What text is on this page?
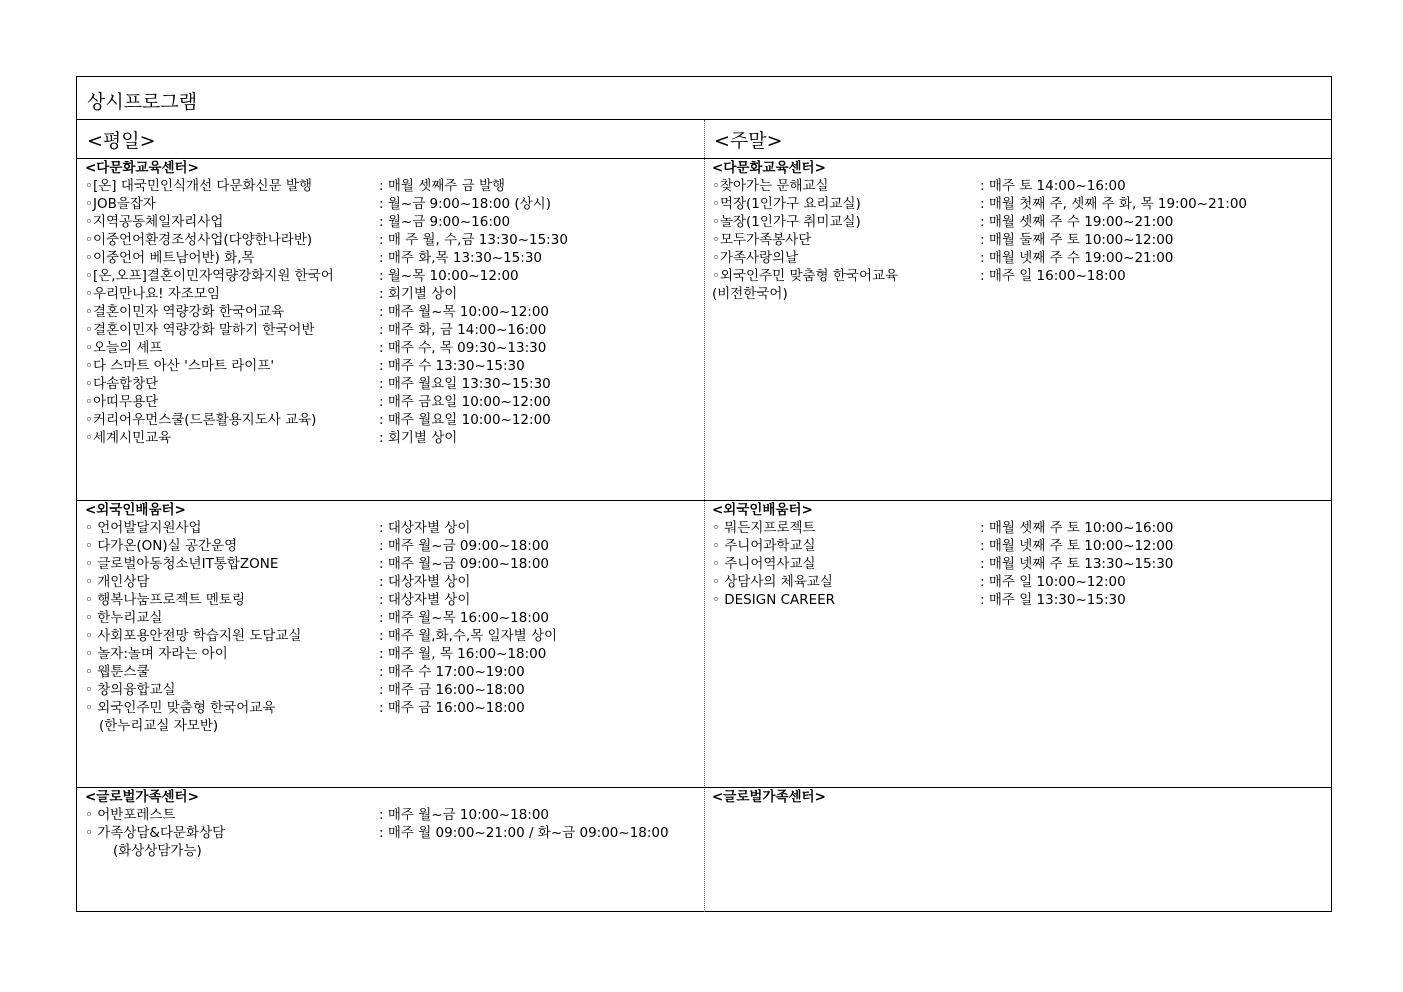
상시프로그램
<평일>	<주말>
<다문화교육센터>
◦[온] 대국민인식개선 다문화신문 발행	: 매월 셋째주 금 발행
◦JOB을잡자	: 월~금 9:00~18:00 (상시)
◦지역공동체일자리사업	: 월~금 9:00~16:00
◦이중언어환경조성사업(다양한나라반)	: 매 주 월, 수,금 13:30~15:30
◦이중언어 베트남어반) 화,목	: 매주 화,목 13:30~15:30
◦[온,오프]결혼이민자역량강화지원 한국어	: 월~목 10:00~12:00
◦우리만나요! 자조모임	: 회기별 상이
◦결혼이민자 역량강화 한국어교육	: 매주 월~목 10:00~12:00
◦결혼이민자 역량강화 말하기 한국어반	: 매주 화, 금 14:00~16:00
◦오늘의 셰프	: 매주 수, 목 09:30~13:30
◦다 스마트 아산 '스마트 라이프'	: 매주 수 13:30~15:30
◦다솜합창단	: 매주 월요일 13:30~15:30
◦아띠무용단	: 매주 금요일 10:00~12:00
◦커리어우먼스쿨(드론활용지도사 교육)	: 매주 월요일 10:00~12:00
◦세계시민교육	: 회기별 상이
<다문화교육센터>
◦찾아가는 문해교실	: 매주 토 14:00~16:00
◦먹장(1인가구 요리교실)	: 매월 첫째 주, 셋째 주 화, 목 19:00~21:00
◦놀장(1인가구 취미교실)	: 매월 셋째 주 수 19:00~21:00
◦모두가족봉사단	: 매월 둘째 주 토 10:00~12:00
◦가족사랑의날	: 매월 넷째 주 수 19:00~21:00
◦외국인주민 맞춤형 한국어교육	: 매주 일 16:00~18:00
(비전한국어)
<외국인배움터>
◦ 언어발달지원사업	: 대상자별 상이
◦ 다가온(ON)실 공간운영	: 매주 월~금 09:00~18:00
◦ 글로벌아동청소년IT통합ZONE	: 매주 월~금 09:00~18:00
◦ 개인상담	: 대상자별 상이
◦ 행복나눔프로젝트 멘토링	: 대상자별 상이
◦ 한누리교실	: 매주 월~목 16:00~18:00
◦ 사회포용안전망 학습지원 도담교실	: 매주 월,화,수,목 일자별 상이
◦ 놀자:놀며 자라는 아이	: 매주 월, 목 16:00~18:00
◦ 웹툰스쿨	: 매주 수 17:00~19:00
◦ 창의융합교실	: 매주 금 16:00~18:00
◦ 외국인주민 맞춤형 한국어교육	: 매주 금 16:00~18:00
(한누리교실 자모반)
<외국인배움터>
◦ 뭐든지프로젝트	: 매월 셋째 주 토 10:00~16:00
◦ 주니어과학교실	: 매월 넷째 주 토 10:00~12:00
◦ 주니어역사교실	: 매월 넷째 주 토 13:30~15:30
◦ 상담사의 체육교실	: 매주 일 10:00~12:00
◦ DESIGN CAREER	: 매주 일 13:30~15:30
<글로벌가족센터>
◦ 어반포레스트	: 매주 월~금 10:00~18:00
◦ 가족상담&다문화상담	: 매주 월 09:00~21:00 / 화~금 09:00~18:00
(화상상담가능)
<글로벌가족센터>
